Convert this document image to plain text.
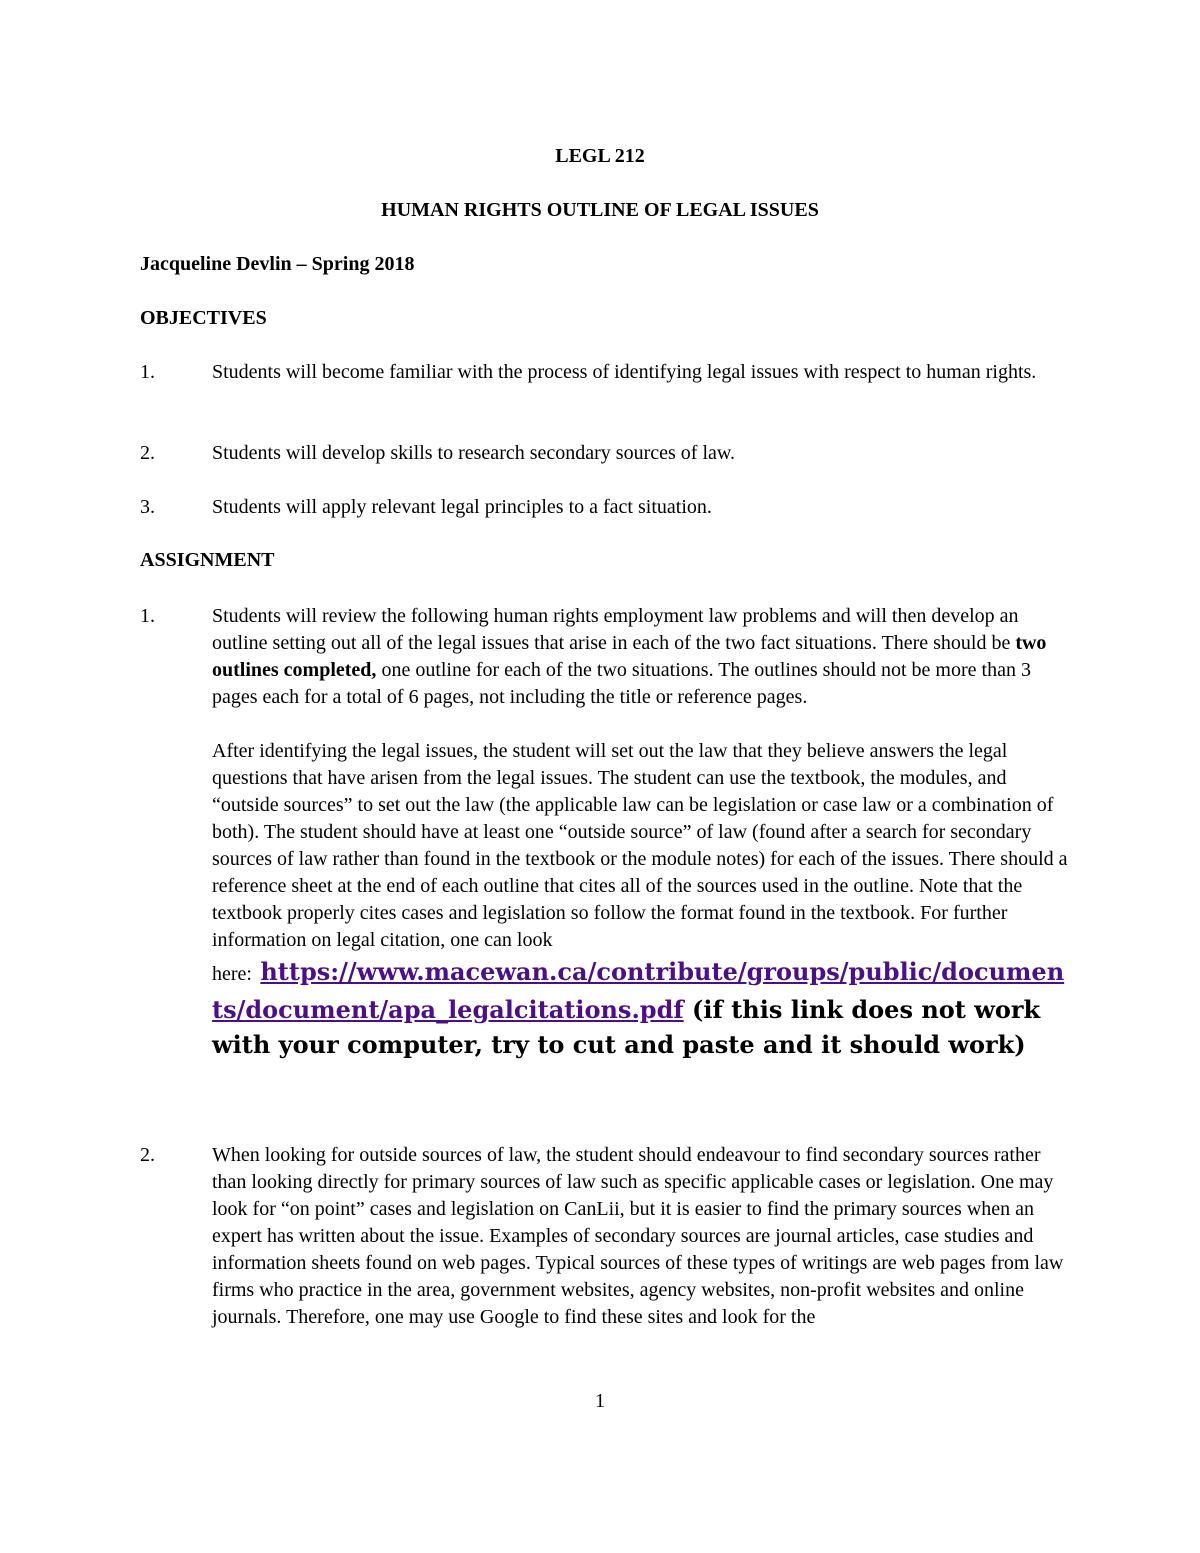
LEGL 212
HUMAN RIGHTS OUTLINE OF LEGAL ISSUES
Jacqueline Devlin – Spring 2018
OBJECTIVES
1.	Students will become familiar with the process of identifying legal issues with respect to human rights.
2.	Students will develop skills to research secondary sources of law.
3.	Students will apply relevant legal principles to a fact situation.
ASSIGNMENT
1.	Students will review the following human rights employment law problems and will then develop an outline setting out all of the legal issues that arise in each of the two fact situations. There should be two outlines completed, one outline for each of the two situations. The outlines should not be more than 3 pages each for a total of 6 pages, not including the title or reference pages.

After identifying the legal issues, the student will set out the law that they believe answers the legal questions that have arisen from the legal issues. The student can use the textbook, the modules, and “outside sources” to set out the law (the applicable law can be legislation or case law or a combination of both). The student should have at least one “outside source” of law (found after a search for secondary sources of law rather than found in the textbook or the module notes) for each of the issues. There should a reference sheet at the end of each outline that cites all of the sources used in the outline. Note that the textbook properly cites cases and legislation so follow the format found in the textbook. For further information on legal citation, one can look

here: https://www.macewan.ca/contribute/groups/public/documents/document/apa_legalcitations.pdf (if this link does not work with your computer, try to cut and paste and it should work)
2.	When looking for outside sources of law, the student should endeavour to find secondary sources rather than looking directly for primary sources of law such as specific applicable cases or legislation. One may look for “on point” cases and legislation on CanLii, but it is easier to find the primary sources when an expert has written about the issue. Examples of secondary sources are journal articles, case studies and information sheets found on web pages. Typical sources of these types of writings are web pages from law firms who practice in the area, government websites, agency websites, non-profit websites and online journals. Therefore, one may use Google to find these sites and look for the
1
